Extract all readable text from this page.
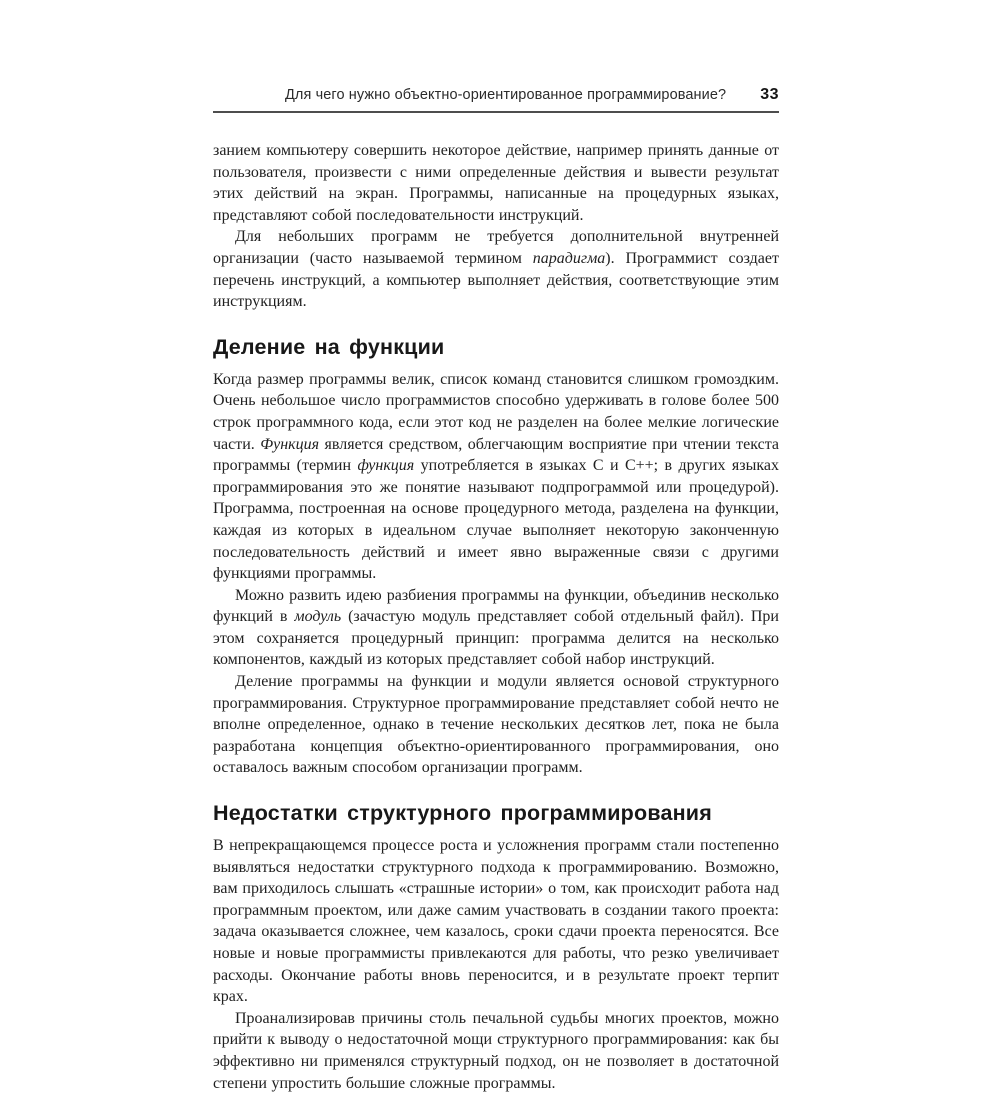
Для чего нужно объектно-ориентированное программирование? 33

занием компьютеру совершить некоторое действие, например принять данные от пользователя, произвести с ними определенные действия и вывести результат этих действий на экран. Программы, написанные на процедурных языках, представляют собой последовательности инструкций.

Для небольших программ не требуется дополнительной внутренней организации (часто называемой термином парадигма). Программист создает перечень инструкций, а компьютер выполняет действия, соответствующие этим инструкциям.

Деление на функции

Когда размер программы велик, список команд становится слишком громоздким. Очень небольшое число программистов способно удерживать в голове более 500 строк программного кода, если этот код не разделен на более мелкие логические части. Функция является средством, облегчающим восприятие при чтении текста программы (термин функция употребляется в языках C и C++; в других языках программирования это же понятие называют подпрограммой или процедурой). Программа, построенная на основе процедурного метода, разделена на функции, каждая из которых в идеальном случае выполняет некоторую законченную последовательность действий и имеет явно выраженные связи с другими функциями программы.

Можно развить идею разбиения программы на функции, объединив несколько функций в модуль (зачастую модуль представляет собой отдельный файл). При этом сохраняется процедурный принцип: программа делится на несколько компонентов, каждый из которых представляет собой набор инструкций.

Деление программы на функции и модули является основой структурного программирования. Структурное программирование представляет собой нечто не вполне определенное, однако в течение нескольких десятков лет, пока не была разработана концепция объектно-ориентированного программирования, оно оставалось важным способом организации программ.

Недостатки структурного программирования

В непрекращающемся процессе роста и усложнения программ стали постепенно выявляться недостатки структурного подхода к программированию. Возможно, вам приходилось слышать «страшные истории» о том, как происходит работа над программным проектом, или даже самим участвовать в создании такого проекта: задача оказывается сложнее, чем казалось, сроки сдачи проекта переносятся. Все новые и новые программисты привлекаются для работы, что резко увеличивает расходы. Окончание работы вновь переносится, и в результате проект терпит крах.

Проанализировав причины столь печальной судьбы многих проектов, можно прийти к выводу о недостаточной мощи структурного программирования: как бы эффективно ни применялся структурный подход, он не позволяет в достаточной степени упростить большие сложные программы.
